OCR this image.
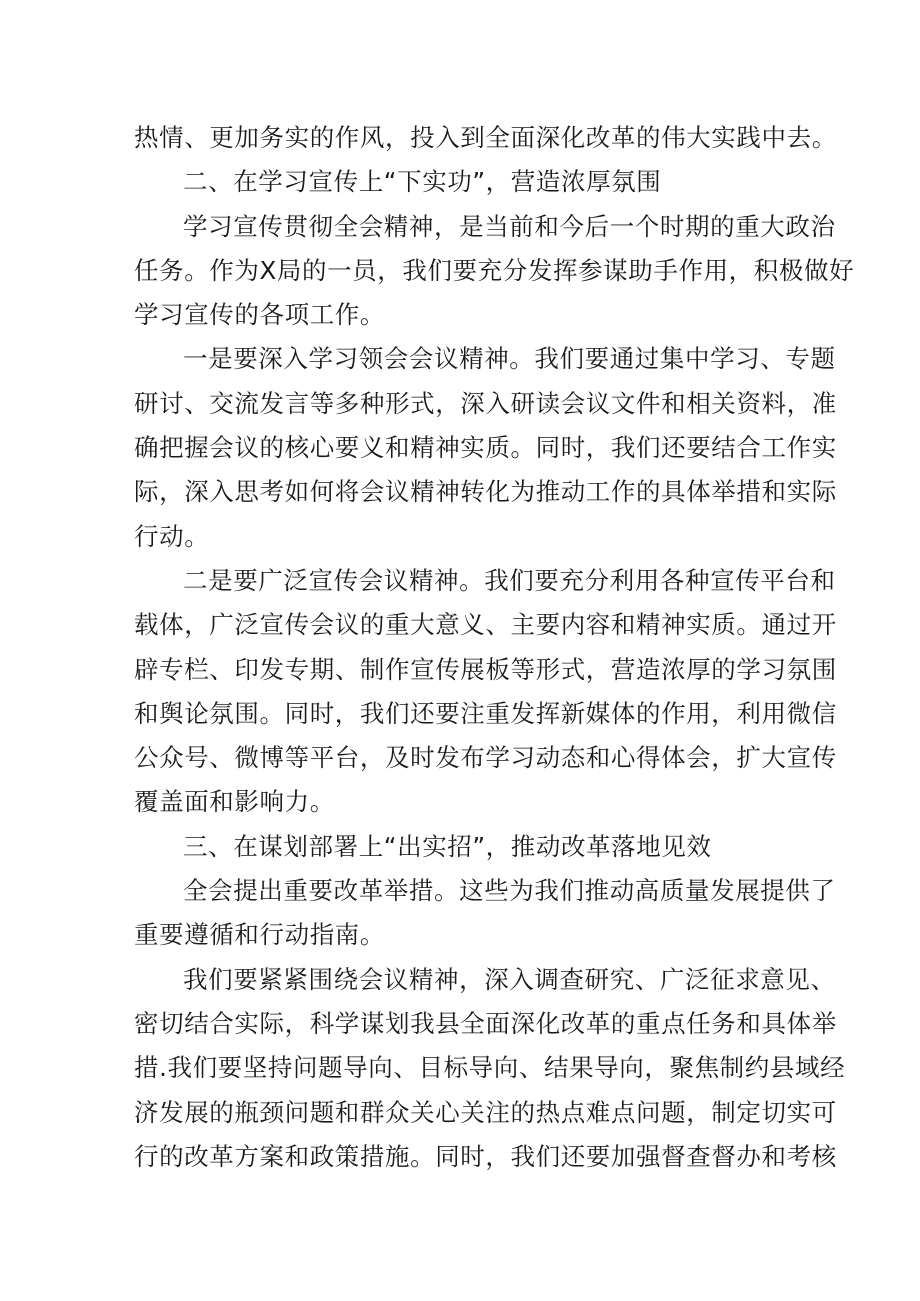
热情、更加务实的作风，投入到全面深化改革的伟大实践中去。
二、在学习宣传上“下实功”，营造浓厚氛围
学习宣传贯彻全会精神，是当前和今后一个时期的重大政治
任务。作为X局的一员，我们要充分发挥参谋助手作用，积极做好
学习宣传的各项工作。
一是要深入学习领会会议精神。我们要通过集中学习、专题
研讨、交流发言等多种形式，深入研读会议文件和相关资料，准
确把握会议的核心要义和精神实质。同时，我们还要结合工作实
际，深入思考如何将会议精神转化为推动工作的具体举措和实际
行动。
二是要广泛宣传会议精神。我们要充分利用各种宣传平台和
载体，广泛宣传会议的重大意义、主要内容和精神实质。通过开
辟专栏、印发专期、制作宣传展板等形式，营造浓厚的学习氛围
和舆论氛围。同时，我们还要注重发挥新媒体的作用，利用微信
公众号、微博等平台，及时发布学习动态和心得体会，扩大宣传
覆盖面和影响力。
三、在谋划部署上“出实招”，推动改革落地见效
全会提出重要改革举措。这些为我们推动高质量发展提供了
重要遵循和行动指南。
我们要紧紧围绕会议精神，深入调查研究、广泛征求意见、
密切结合实际，科学谋划我县全面深化改革的重点任务和具体举
措.我们要坚持问题导向、目标导向、结果导向，聚焦制约县域经
济发展的瓶颈问题和群众关心关注的热点难点问题，制定切实可
行的改革方案和政策措施。同时，我们还要加强督查督办和考核
